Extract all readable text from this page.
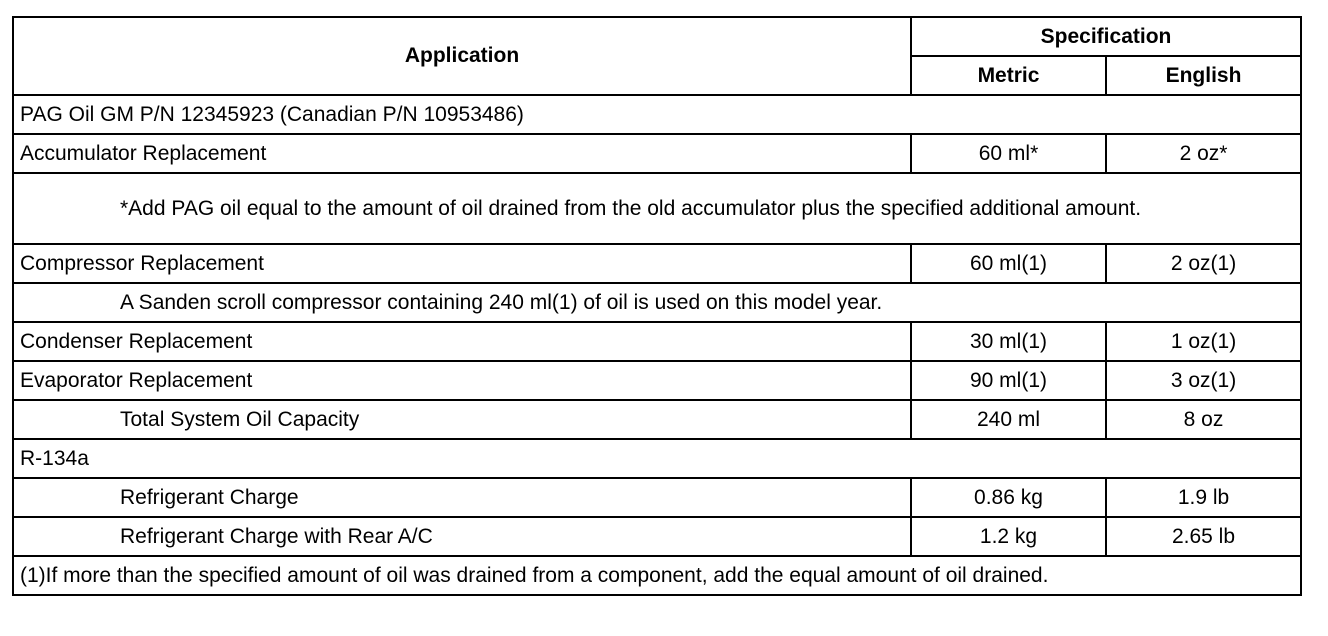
Application	Specification	
	Metric	English
PAG Oil GM P/N 12345923 (Canadian P/N 10953486)		
Accumulator Replacement	60 ml*	2 oz*
*Add PAG oil equal to the amount of oil drained from the old accumulator plus the specified additional amount.		
Compressor Replacement	60 ml(1)	2 oz(1)
A Sanden scroll compressor containing 240 ml(1) of oil is used on this model year.		
Condenser Replacement	30 ml(1)	1 oz(1)
Evaporator Replacement	90 ml(1)	3 oz(1)
Total System Oil Capacity	240 ml	8 oz
R-134a		
Refrigerant Charge	0.86 kg	1.9 lb
Refrigerant Charge with Rear A/C	1.2 kg	2.65 lb
(1)If more than the specified amount of oil was drained from a component, add the equal amount of oil drained.		
